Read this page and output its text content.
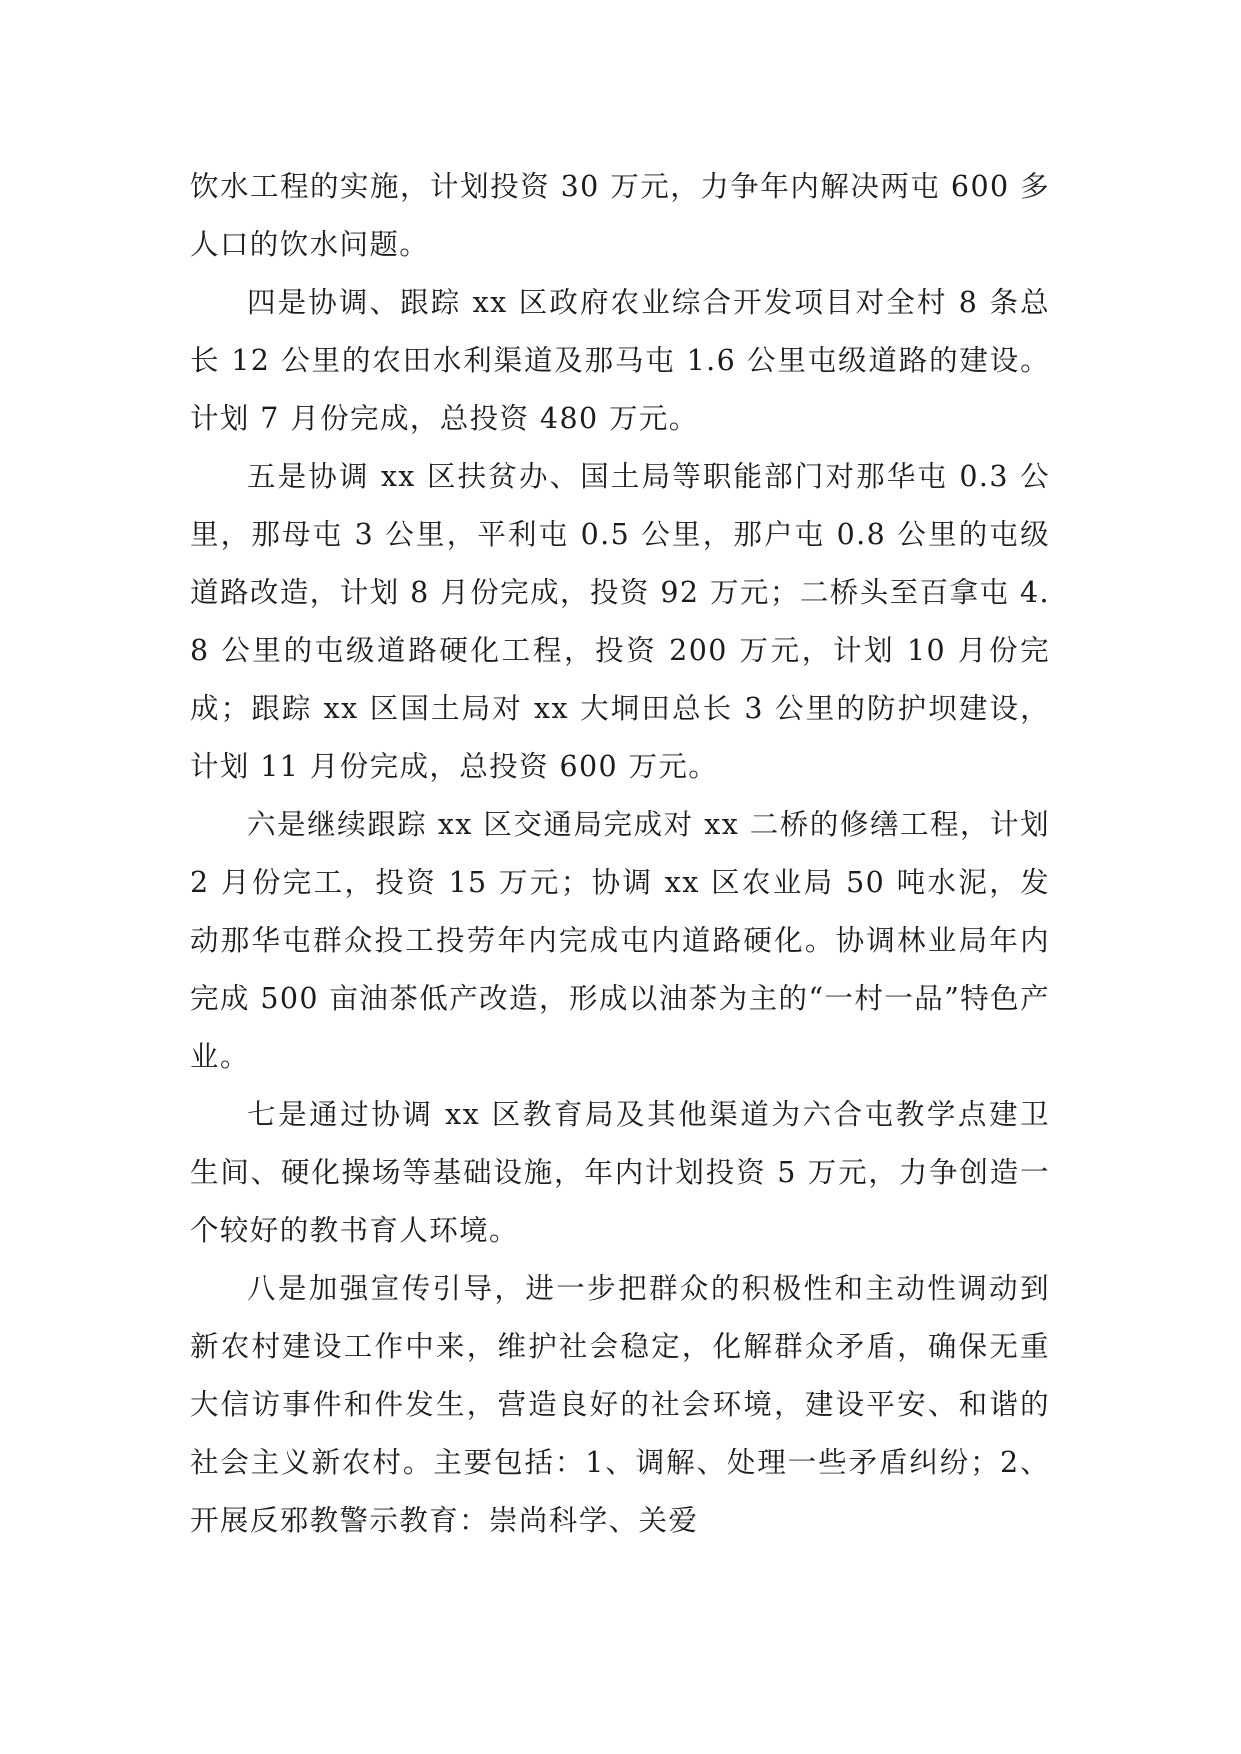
饮水工程的实施，计划投资 30 万元，力争年内解决两屯 600 多人口的饮水问题。

四是协调、跟踪 xx 区政府农业综合开发项目对全村 8 条总长 12 公里的农田水利渠道及那马屯 1.6 公里屯级道路的建设。计划 7 月份完成，总投资 480 万元。

五是协调 xx 区扶贫办、国土局等职能部门对那华屯 0.3 公里，那母屯 3 公里，平利屯 0.5 公里，那户屯 0.8 公里的屯级道路改造，计划 8 月份完成，投资 92 万元；二桥头至百拿屯 4.8 公里的屯级道路硬化工程，投资 200 万元，计划 10 月份完成；跟踪 xx 区国土局对 xx 大垌田总长 3 公里的防护坝建设，计划 11 月份完成，总投资 600 万元。

六是继续跟踪 xx 区交通局完成对 xx 二桥的修缮工程，计划 2 月份完工，投资 15 万元；协调 xx 区农业局 50 吨水泥，发动那华屯群众投工投劳年内完成屯内道路硬化。协调林业局年内完成 500 亩油茶低产改造，形成以油茶为主的“一村一品”特色产业。

七是通过协调 xx 区教育局及其他渠道为六合屯教学点建卫生间、硬化操场等基础设施，年内计划投资 5 万元，力争创造一个较好的教书育人环境。

八是加强宣传引导，进一步把群众的积极性和主动性调动到新农村建设工作中来，维护社会稳定，化解群众矛盾，确保无重大信访事件和件发生，营造良好的社会环境，建设平安、和谐的社会主义新农村。主要包括：1、调解、处理一些矛盾纠纷；2、开展反邪教警示教育：崇尚科学、关爱
